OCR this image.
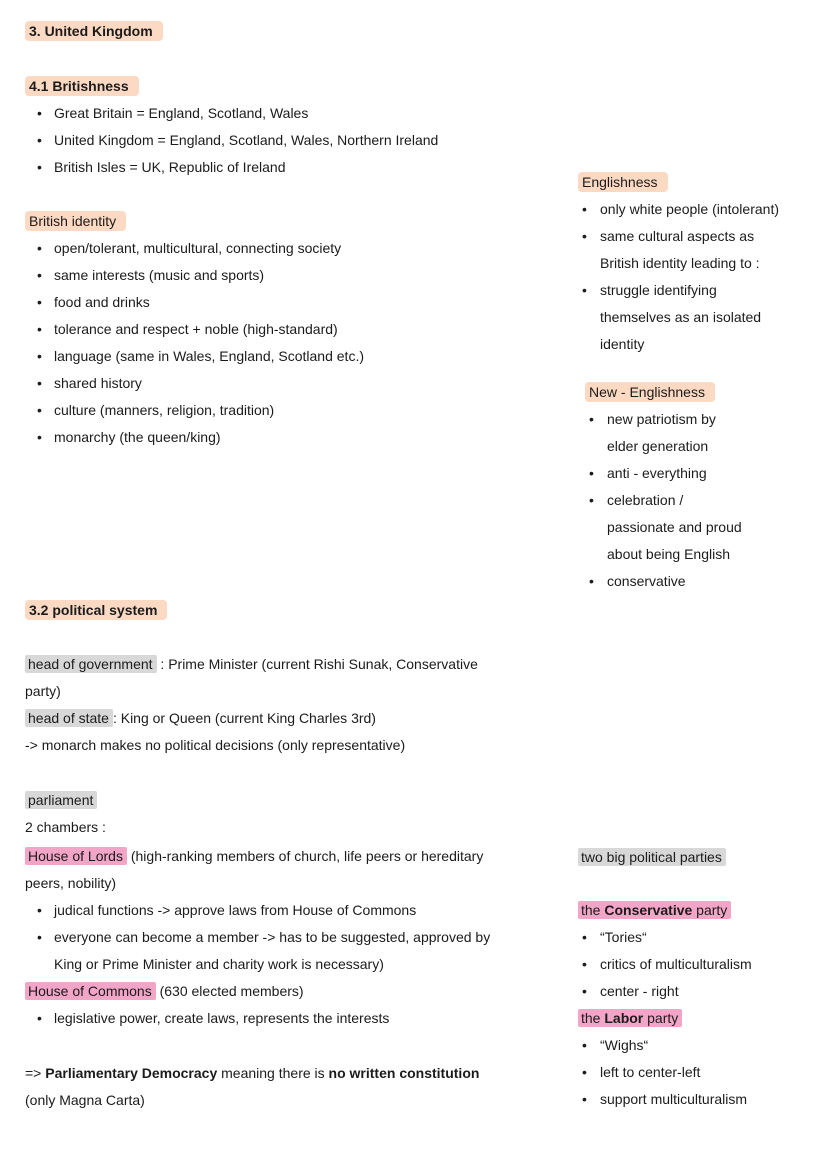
3. United Kingdom
4.1 Britishness
• Great Britain = England, Scotland, Wales
• United Kingdom = England, Scotland, Wales, Northern Ireland
• British Isles = UK, Republic of Ireland
British identity
• open/tolerant, multicultural, connecting society
• same interests (music and sports)
• food and drinks
• tolerance and respect + noble (high-standard)
• language (same in Wales, England, Scotland etc.)
• shared history
• culture (manners, religion, tradition)
• monarchy (the queen/king)
3.2 political system
head of government : Prime Minister (current Rishi Sunak, Conservative
party)
head of state : King or Queen (current King Charles 3rd)
-> monarch makes no political decisions (only representative)
parliament
2 chambers :
House of Lords (high-ranking members of church, life peers or hereditary
peers, nobility)
• judical functions -> approve laws from House of Commons
• everyone can become a member -> has to be suggested, approved by
King or Prime Minister and charity work is necessary)
House of Commons (630 elected members)
• legislative power, create laws, represents the interests
=> Parliamentary Democracy meaning there is no written constitution
(only Magna Carta)
Englishness
• only white people (intolerant)
• same cultural aspects as
British identity leading to :
• struggle identifying
themselves as an isolated
identity
New - Englishness
• new patriotism by
elder generation
• anti - everything
• celebration /
passionate and proud
about being English
• conservative
two big political parties
the Conservative party
• “Tories“
• critics of multiculturalism
• center - right
the Labor party
• “Wighs“
• left to center-left
• support multiculturalism
